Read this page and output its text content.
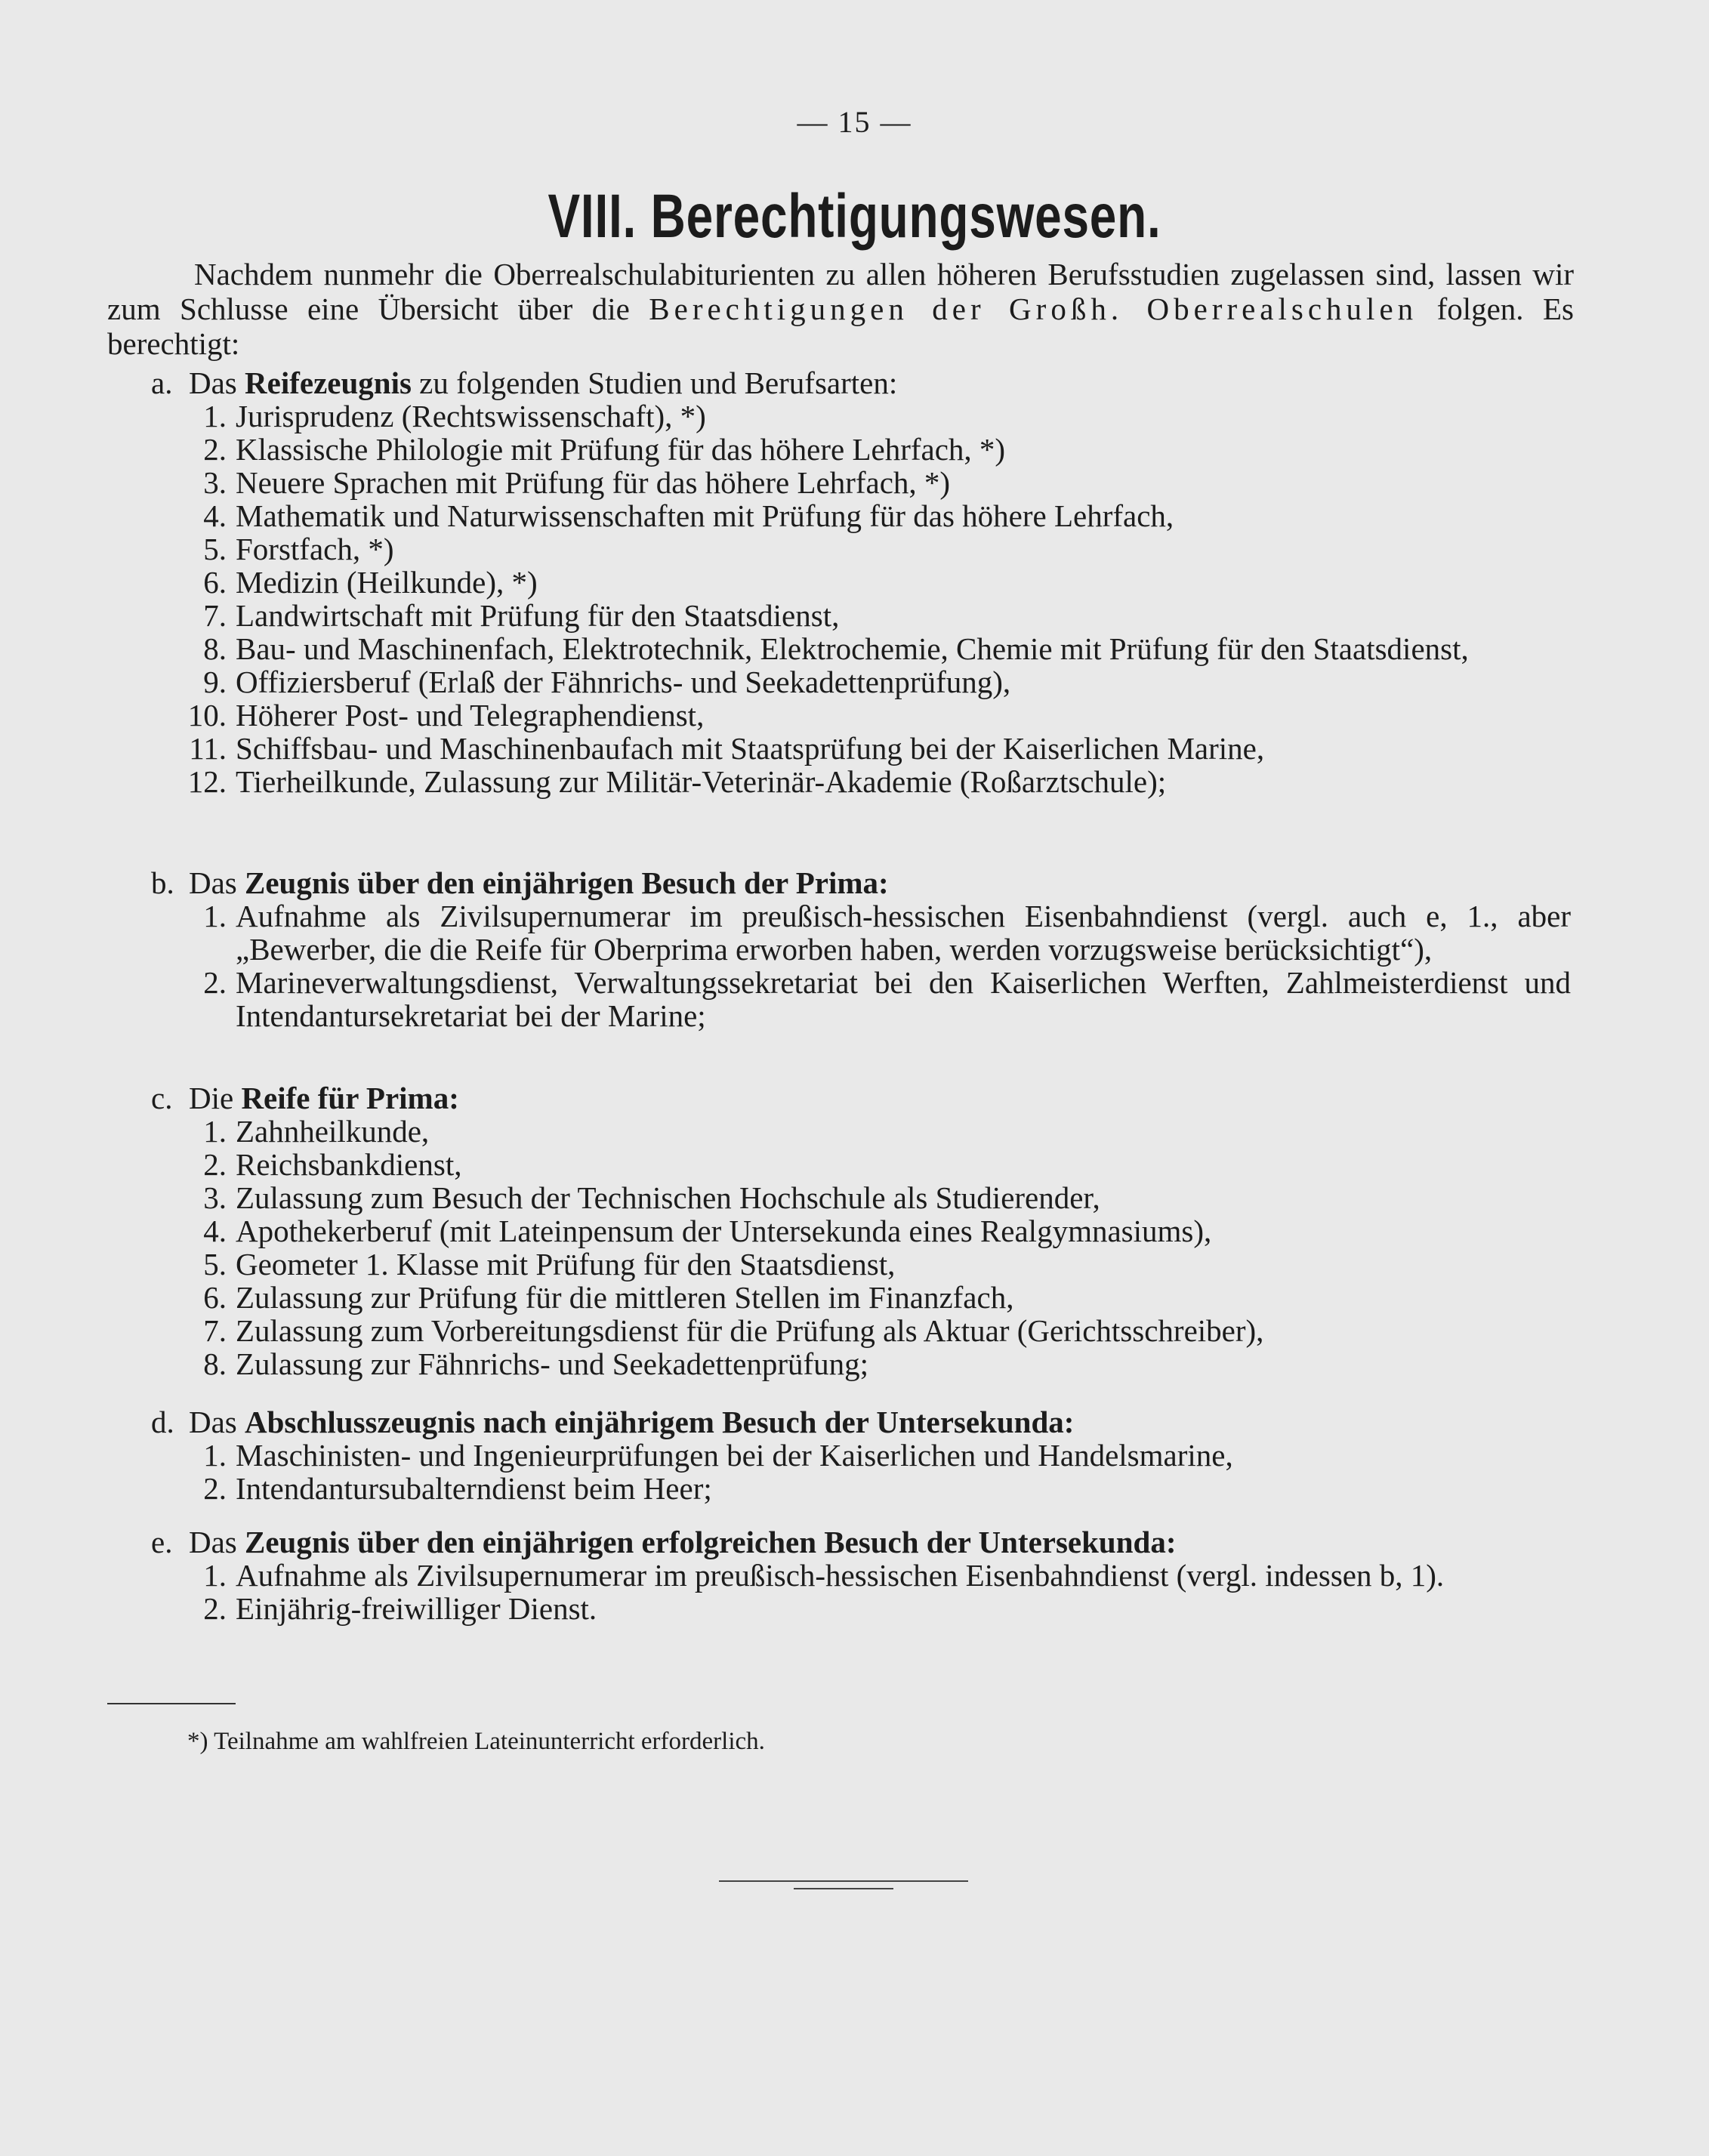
— 15 —
VIII. Berechtigungswesen.

Nachdem nunmehr die Oberrealschulabiturienten zu allen höheren Berufsstudien zugelassen sind, lassen wir zum Schlusse eine Übersicht über die Berechtigungen der Großh. Oberrealschulen folgen. Es berechtigt:

a. Das Reifezeugnis zu folgenden Studien und Berufsarten:
1. Jurisprudenz (Rechtswissenschaft), *)
2. Klassische Philologie mit Prüfung für das höhere Lehrfach, *)
3. Neuere Sprachen mit Prüfung für das höhere Lehrfach, *)
4. Mathematik und Naturwissenschaften mit Prüfung für das höhere Lehrfach,
5. Forstfach, *)
6. Medizin (Heilkunde), *)
7. Landwirtschaft mit Prüfung für den Staatsdienst,
8. Bau- und Maschinenfach, Elektrotechnik, Elektrochemie, Chemie mit Prüfung für den Staatsdienst,
9. Offiziersberuf (Erlaß der Fähnrichs- und Seekadettenprüfung),
10. Höherer Post- und Telegraphendienst,
11. Schiffsbau- und Maschinenbaufach mit Staatsprüfung bei der Kaiserlichen Marine,
12. Tierheilkunde, Zulassung zur Militär-Veterinär-Akademie (Roßarztschule);
b. Das Zeugnis über den einjährigen Besuch der Prima:
1. Aufnahme als Zivilsupernumerar im preußisch-hessischen Eisenbahndienst (vergl. auch e, 1., aber „Bewerber, die die Reife für Oberprima erworben haben, werden vorzugsweise berücksichtigt“),
2. Marineverwaltungsdienst, Verwaltungssekretariat bei den Kaiserlichen Werften, Zahlmeisterdienst und Intendantursekretariat bei der Marine;
c. Die Reife für Prima:
1. Zahnheilkunde,
2. Reichsbankdienst,
3. Zulassung zum Besuch der Technischen Hochschule als Studierender,
4. Apothekerberuf (mit Lateinpensum der Untersekunda eines Realgymnasiums),
5. Geometer 1. Klasse mit Prüfung für den Staatsdienst,
6. Zulassung zur Prüfung für die mittleren Stellen im Finanzfach,
7. Zulassung zum Vorbereitungsdienst für die Prüfung als Aktuar (Gerichtsschreiber),
8. Zulassung zur Fähnrichs- und Seekadettenprüfung;
d. Das Abschlusszeugnis nach einjährigem Besuch der Untersekunda:
1. Maschinisten- und Ingenieurprüfungen bei der Kaiserlichen und Handelsmarine,
2. Intendantursubalterndienst beim Heer;
e. Das Zeugnis über den einjährigen erfolgreichen Besuch der Untersekunda:
1. Aufnahme als Zivilsupernumerar im preußisch-hessischen Eisenbahndienst (vergl. indessen b, 1).
2. Einjährig-freiwilliger Dienst.
*) Teilnahme am wahlfreien Lateinunterricht erforderlich.
